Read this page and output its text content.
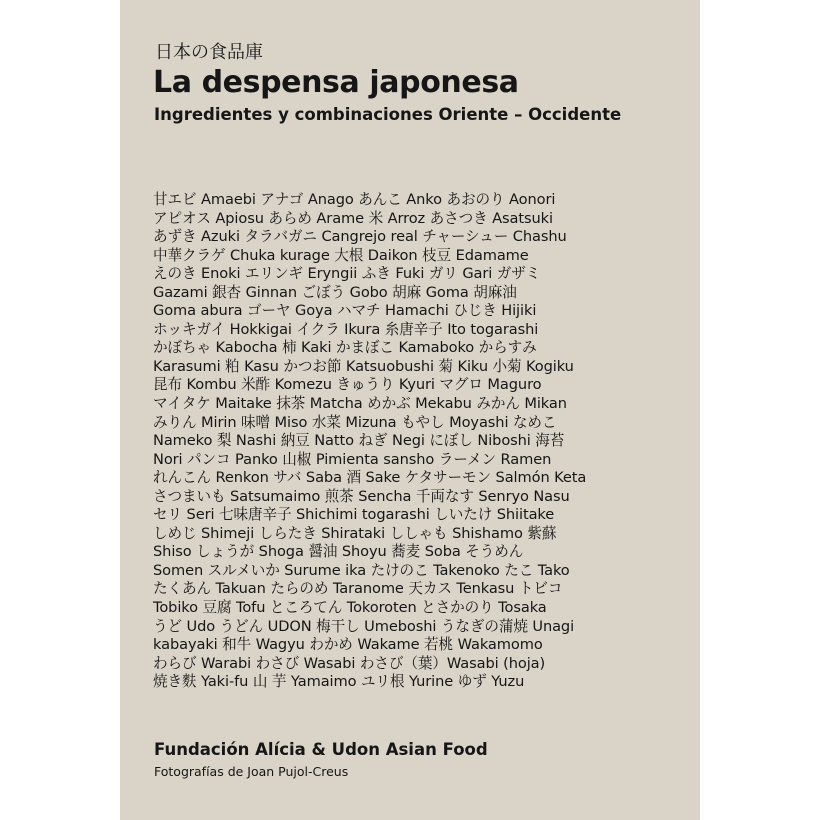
日本の食品庫
La despensa japonesa
Ingredientes y combinaciones Oriente – Occidente
甘エビ Amaebi アナゴ Anago あんこ Anko あおのり Aonori
アピオス Apiosu あらめ Arame 米 Arroz あさつき Asatsuki
あずき Azuki タラバガニ Cangrejo real チャーシュー Chashu
中華クラゲ Chuka kurage 大根 Daikon 枝豆 Edamame
えのき Enoki エリンギ Eryngii ふき Fuki ガリ Gari ガザミ
Gazami 銀杏 Ginnan ごぼう Gobo 胡麻 Goma 胡麻油
Goma abura ゴーヤ Goya ハマチ Hamachi ひじき Hijiki
ホッキガイ Hokkigai イクラ Ikura 糸唐辛子 Ito togarashi
かぼちゃ Kabocha 柿 Kaki かまぼこ Kamaboko からすみ
Karasumi 粕 Kasu かつお節 Katsuobushi 菊 Kiku 小菊 Kogiku
昆布 Kombu 米酢 Komezu きゅうり Kyuri マグロ Maguro
マイタケ Maitake 抹茶 Matcha めかぶ Mekabu みかん Mikan
みりん Mirin 味噌 Miso 水菜 Mizuna もやし Moyashi なめこ
Nameko 梨 Nashi 納豆 Natto ねぎ Negi にぼし Niboshi 海苔
Nori パンコ Panko 山椒 Pimienta sansho ラーメン Ramen
れんこん Renkon サバ Saba 酒 Sake ケタサーモン Salmón Keta
さつまいも Satsumaimo 煎茶 Sencha 千両なす Senryo Nasu
セリ Seri 七味唐辛子 Shichimi togarashi しいたけ Shiitake
しめじ Shimeji しらたき Shirataki ししゃも Shishamo 紫蘇
Shiso しょうが Shoga 醤油 Shoyu 蕎麦 Soba そうめん
Somen スルメいか Surume ika たけのこ Takenoko たこ Tako
たくあん Takuan たらのめ Taranome 天カス Tenkasu トビコ
Tobiko 豆腐 Tofu ところてん Tokoroten とさかのり Tosaka
うど Udo うどん UDON 梅干し Umeboshi うなぎの蒲焼 Unagi
kabayaki 和牛 Wagyu わかめ Wakame 若桃 Wakamomo
わらび Warabi わさび Wasabi わさび（葉）Wasabi (hoja)
焼き麩 Yaki-fu 山 芋 Yamaimo ユリ根 Yurine ゆず Yuzu
Fundación Alícia & Udon Asian Food
Fotografías de Joan Pujol-Creus
